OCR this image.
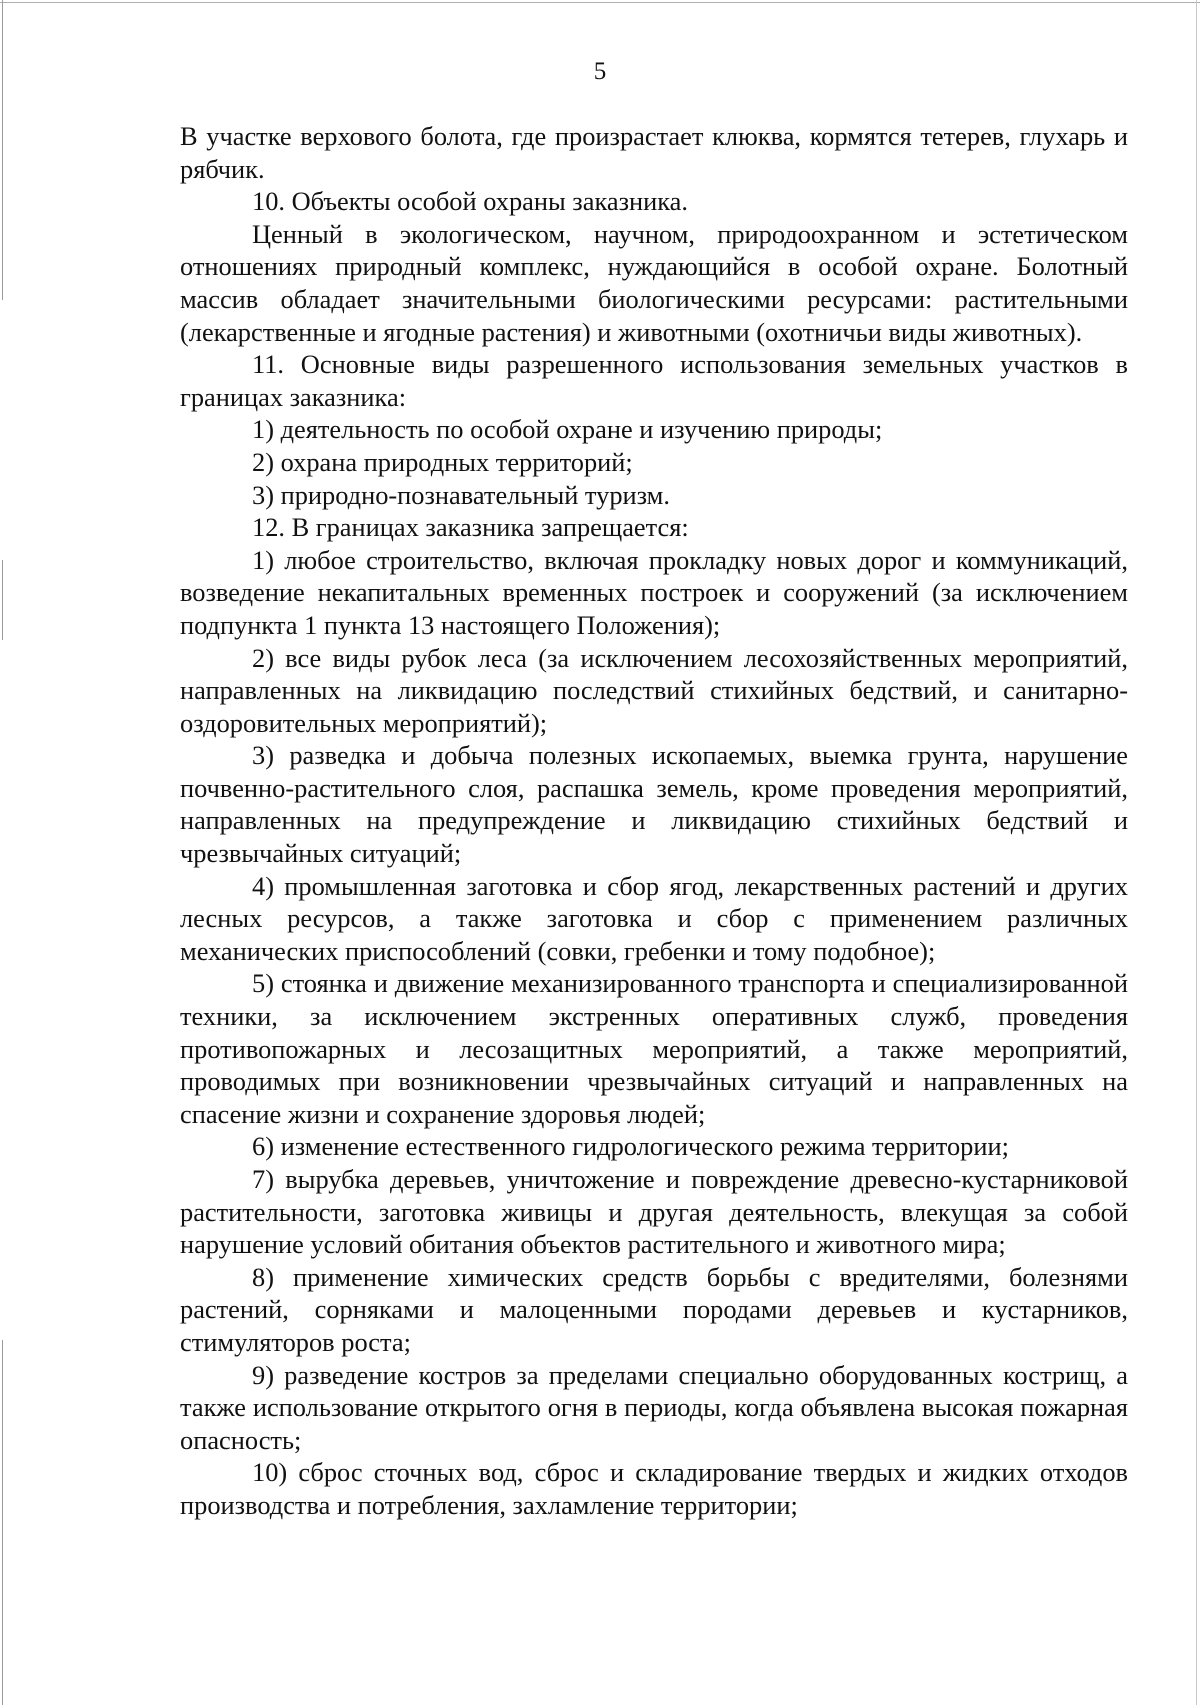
5

В участке верхового болота, где произрастает клюква, кормятся тетерев, глухарь и рябчик.

10. Объекты особой охраны заказника.

Ценный в экологическом, научном, природоохранном и эстетическом отношениях природный комплекс, нуждающийся в особой охране. Болотный массив обладает значительными биологическими ресурсами: растительными (лекарственные и ягодные растения) и животными (охотничьи виды животных).

11. Основные виды разрешенного использования земельных участков в границах заказника:

1) деятельность по особой охране и изучению природы;

2) охрана природных территорий;

3) природно-познавательный туризм.

12. В границах заказника запрещается:

1) любое строительство, включая прокладку новых дорог и коммуникаций, возведение некапитальных временных построек и сооружений (за исключением подпункта 1 пункта 13 настоящего Положения);

2) все виды рубок леса (за исключением лесохозяйственных мероприятий, направленных на ликвидацию последствий стихийных бедствий, и санитарно-оздоровительных мероприятий);

3) разведка и добыча полезных ископаемых, выемка грунта, нарушение почвенно-растительного слоя, распашка земель, кроме проведения мероприятий, направленных на предупреждение и ликвидацию стихийных бедствий и чрезвычайных ситуаций;

4) промышленная заготовка и сбор ягод, лекарственных растений и других лесных ресурсов, а также заготовка и сбор с применением различных механических приспособлений (совки, гребенки и тому подобное);

5) стоянка и движение механизированного транспорта и специализированной техники, за исключением экстренных оперативных служб, проведения противопожарных и лесозащитных мероприятий, а также мероприятий, проводимых при возникновении чрезвычайных ситуаций и направленных на спасение жизни и сохранение здоровья людей;

6) изменение естественного гидрологического режима территории;

7) вырубка деревьев, уничтожение и повреждение древесно-кустарниковой растительности, заготовка живицы и другая деятельность, влекущая за собой нарушение условий обитания объектов растительного и животного мира;

8) применение химических средств борьбы с вредителями, болезнями растений, сорняками и малоценными породами деревьев и кустарников, стимуляторов роста;

9) разведение костров за пределами специально оборудованных кострищ, а также использование открытого огня в периоды, когда объявлена высокая пожарная опасность;

10) сброс сточных вод, сброс и складирование твердых и жидких отходов производства и потребления, захламление территории;
